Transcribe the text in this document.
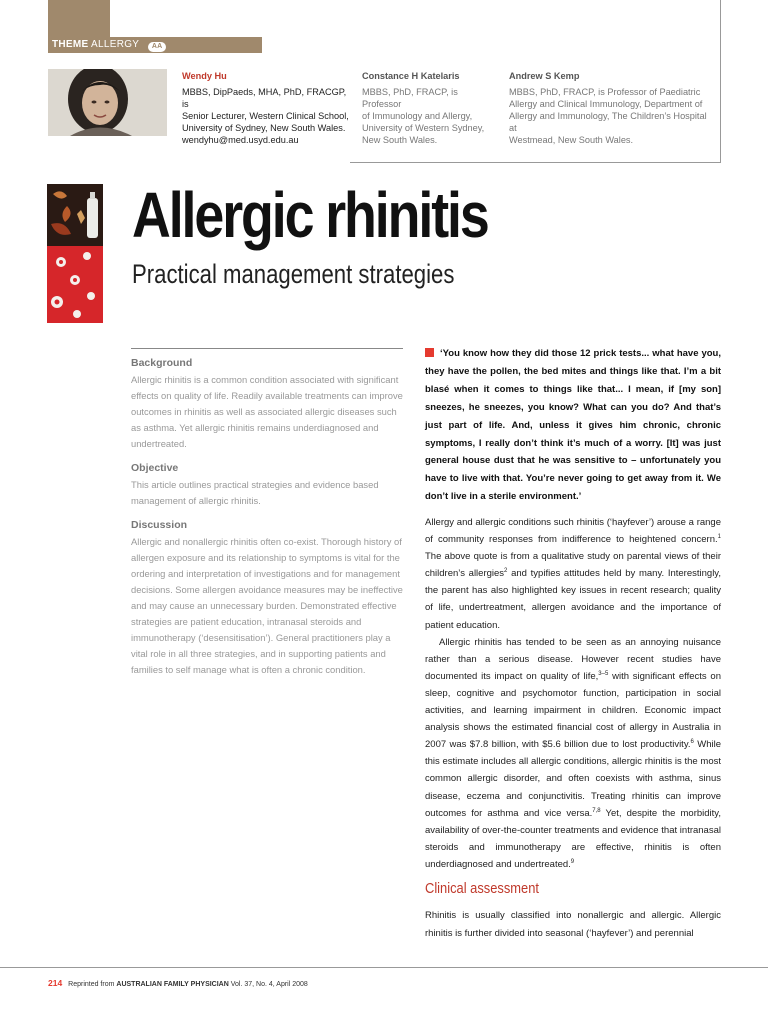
THEME ALLERGY AA
Wendy Hu
MBBS, DipPaeds, MHA, PhD, FRACGP, is
Senior Lecturer, Western Clinical School,
University of Sydney, New South Wales.
wendyhu@med.usyd.edu.au
Constance H Katelaris
MBBS, PhD, FRACP, is Professor
of Immunology and Allergy,
University of Western Sydney,
New South Wales.
Andrew S Kemp
MBBS, PhD, FRACP, is Professor of Paediatric
Allergy and Clinical Immunology, Department of
Allergy and Immunology, The Children’s Hospital at
Westmead, New South Wales.
Allergic rhinitis
Practical management strategies
Background

Allergic rhinitis is a common condition associated with significant effects on quality of life. Readily available treatments can improve outcomes in rhinitis as well as associated allergic diseases such as asthma. Yet allergic rhinitis remains underdiagnosed and undertreated.

Objective

This article outlines practical strategies and evidence based management of allergic rhinitis.

Discussion

Allergic and nonallergic rhinitis often co-exist. Thorough history of allergen exposure and its relationship to symptoms is vital for the ordering and interpretation of investigations and for management decisions. Some allergen avoidance measures may be ineffective and may cause an unnecessary burden. Demonstrated effective strategies are patient education, intranasal steroids and immunotherapy (‘desensitisation’). General practitioners play a vital role in all three strategies, and in supporting patients and families to self manage what is often a chronic condition.

‘You know how they did those 12 prick tests... what have you, they have the pollen, the bed mites and things like that. I’m a bit blasé when it comes to things like that... I mean, if [my son] sneezes, he sneezes, you know? What can you do? And that’s just part of life. And, unless it gives him chronic, chronic symptoms, I really don’t think it’s much of a worry. [It] was just general house dust that he was sensitive to – unfortunately you have to live with that. You’re never going to get away from it. We don’t live in a sterile environment.’

Allergy and allergic conditions such rhinitis (‘hayfever’) arouse a range of community responses from indifference to heightened concern.$^1$ The above quote is from a qualitative study on parental views of their children’s allergies$^2$ and typifies attitudes held by many. Interestingly, the parent has also highlighted key issues in recent research; quality of life, undertreatment, allergen avoidance and the importance of patient education.

Allergic rhinitis has tended to be seen as an annoying nuisance rather than a serious disease. However recent studies have documented its impact on quality of life,$^{3-5}$ with significant effects on sleep, cognitive and psychomotor function, participation in social activities, and learning impairment in children. Economic impact analysis shows the estimated financial cost of allergy in Australia in 2007 was $7.8 billion, with $5.6 billion due to lost productivity.$^6$ While this estimate includes all allergic conditions, allergic rhinitis is the most common allergic disorder, and often coexists with asthma, sinus disease, eczema and conjunctivitis. Treating rhinitis can improve outcomes for asthma and vice versa.$^{7,8}$ Yet, despite the morbidity, availability of over-the-counter treatments and evidence that intranasal steroids and immunotherapy are effective, rhinitis is often underdiagnosed and undertreated.$^9$

Clinical assessment
Rhinitis is usually classified into nonallergic and allergic. Allergic rhinitis is further divided into seasonal (‘hayfever’) and perennial
214 Reprinted from AUSTRALIAN FAMILY PHYSICIAN Vol. 37, No. 4, April 2008
